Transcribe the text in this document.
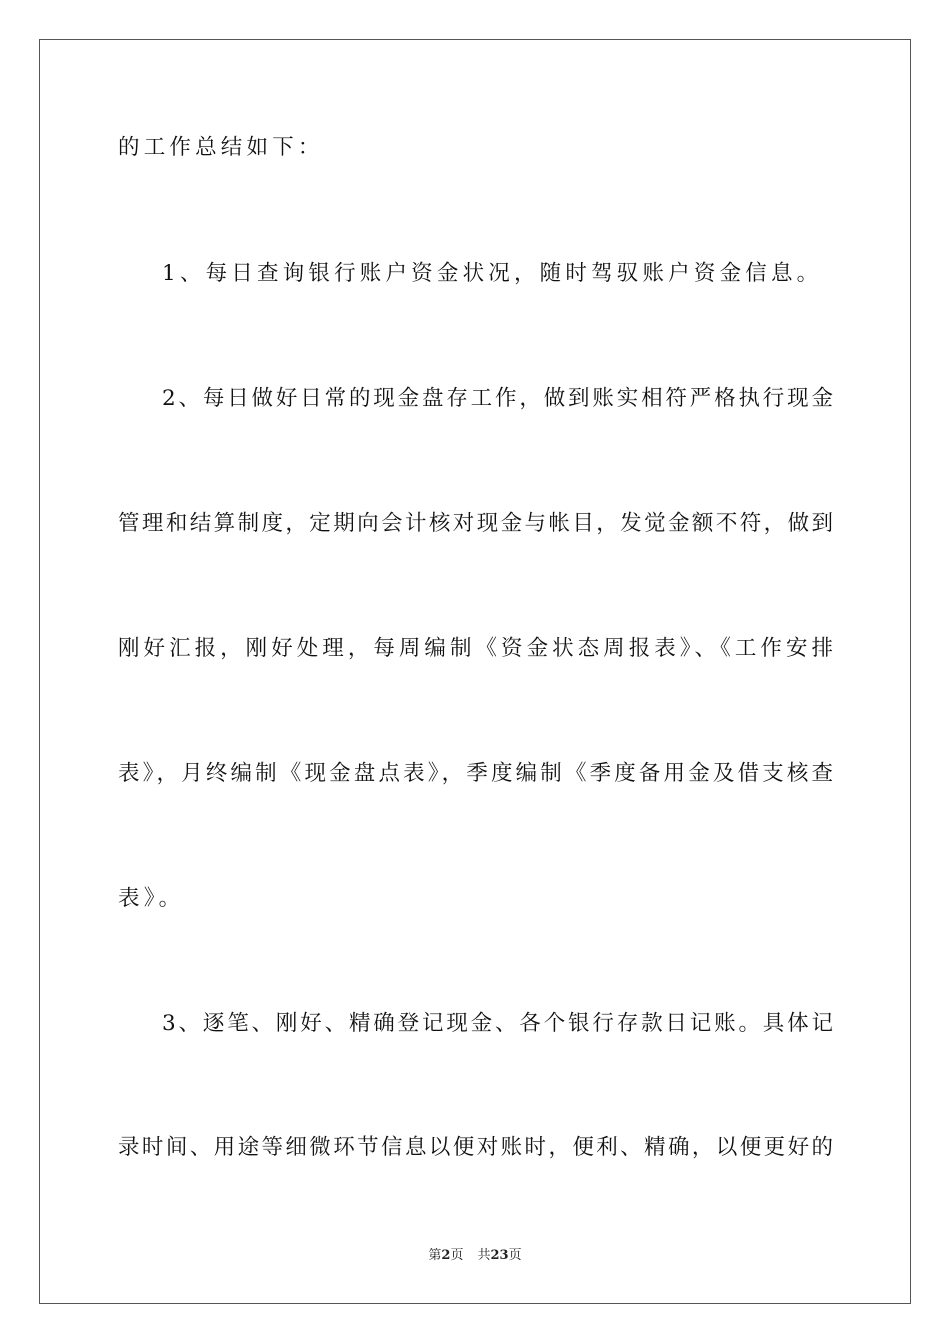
的工作总结如下：
1、每日查询银行账户资金状况，随时驾驭账户资金信息。
2、每日做好日常的现金盘存工作，做到账实相符严格执行现金
管理和结算制度，定期向会计核对现金与帐目，发觉金额不符，做到
刚好汇报，刚好处理，每周编制《资金状态周报表》、《工作安排
表》，月终编制《现金盘点表》，季度编制《季度备用金及借支核查
表》。
3、逐笔、刚好、精确登记现金、各个银行存款日记账。具体记
录时间、用途等细微环节信息以便对账时，便利、精确，以便更好的
第2页 共23页
